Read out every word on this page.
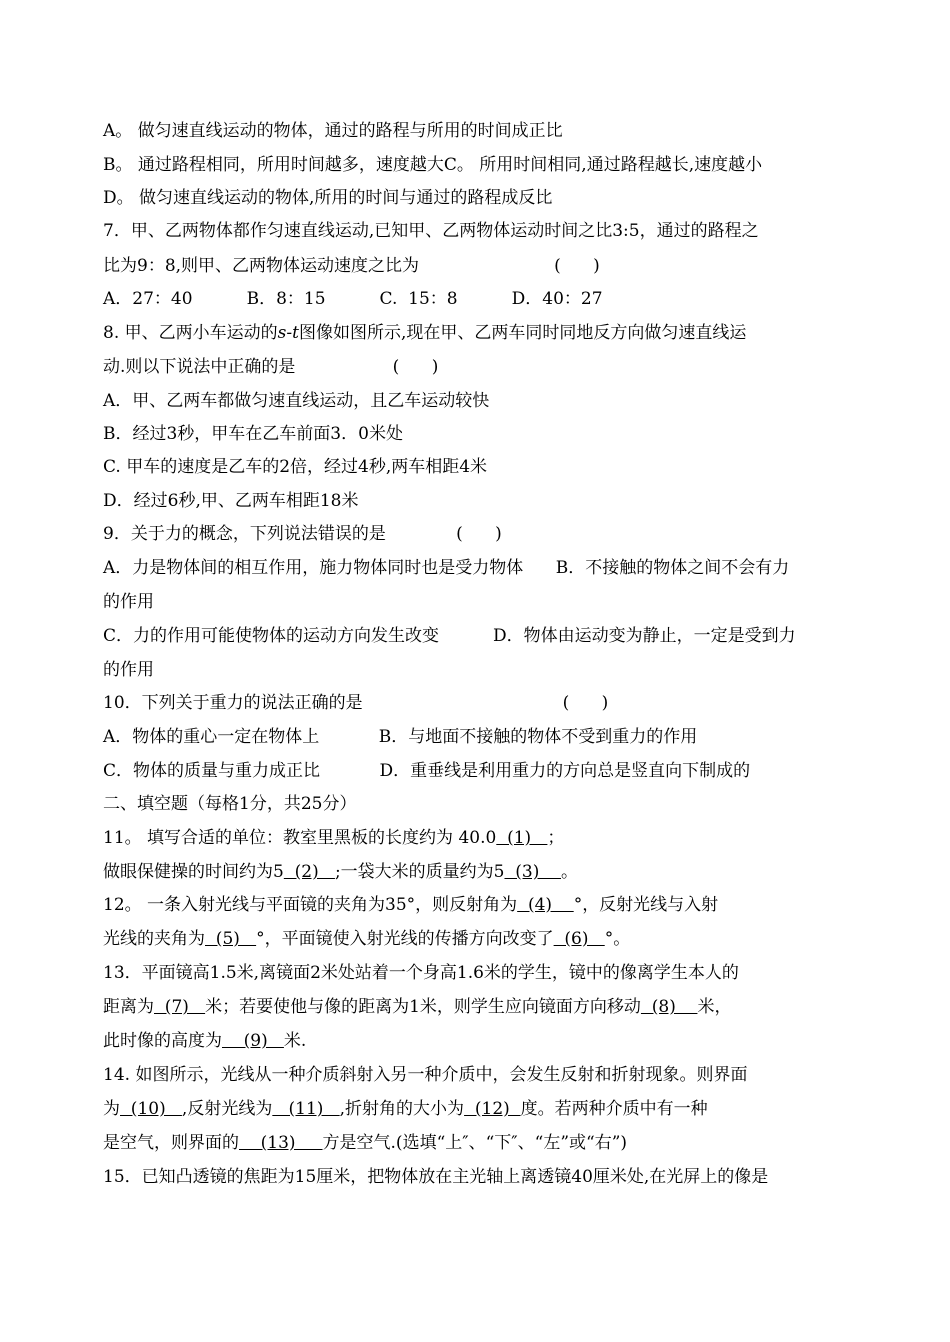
A。 做匀速直线运动的物体，通过的路程与所用的时间成正比
B。 通过路程相同，所用时间越多，速度越大C。 所用时间相同,通过路程越长,速度越小
D。 做匀速直线运动的物体,所用的时间与通过的路程成反比
7．甲、乙两物体都作匀速直线运动,已知甲、乙两物体运动时间之比3:5，通过的路程之
比为9：8,则甲、乙两物体运动速度之比为                         (      )
A．27：40          B．8：15          C.  15：8          D．40：27
8. 甲、乙两小车运动的s-t图像如图所示,现在甲、乙两车同时同地反方向做匀速直线运
动.则以下说法中正确的是                  (      )
A．甲、乙两车都做匀速直线运动，且乙车运动较快
B．经过3秒，甲车在乙车前面3．0米处
C. 甲车的速度是乙车的2倍，经过4秒,两车相距4米
D．经过6秒,甲、乙两车相距18米
9．关于力的概念，下列说法错误的是             (      )
A．力是物体间的相互作用，施力物体同时也是受力物体      B．不接触的物体之间不会有力
的作用
C．力的作用可能使物体的运动方向发生改变          D．物体由运动变为静止，一定是受到力
的作用
10．下列关于重力的说法正确的是                                     (      )
A．物体的重心一定在物体上           B．与地面不接触的物体不受到重力的作用
C．物体的质量与重力成正比           D．重垂线是利用重力的方向总是竖直向下制成的
二、填空题（每格1分，共25分）
11。 填写合适的单位：教室里黑板的长度约为 40.0  (1)   ；
做眼保健操的时间约为5  (2)   ;一袋大米的质量约为5  (3)    。
12。 一条入射光线与平面镜的夹角为35°，则反射角为  (4)    °，反射光线与入射
光线的夹角为  (5)   °，平面镜使入射光线的传播方向改变了  (6)   °。
13．平面镜高1.5米,离镜面2米处站着一个身高1.6米的学生，镜中的像离学生本人的
距离为  (7)   米；若要使他与像的距离为1米，则学生应向镜面方向移动  (8)    米，
此时像的高度为    (9)   米.
14. 如图所示，光线从一种介质斜射入另一种介质中，会发生反射和折射现象。则界面
为  (10)   ,反射光线为   (11)   ,折射角的大小为  (12)  度。若两种介质中有一种
是空气，则界面的    (13)     方是空气.(选填“上″、“下″、“左”或“右”)
15．已知凸透镜的焦距为15厘米，把物体放在主光轴上离透镜40厘米处,在光屏上的像是
